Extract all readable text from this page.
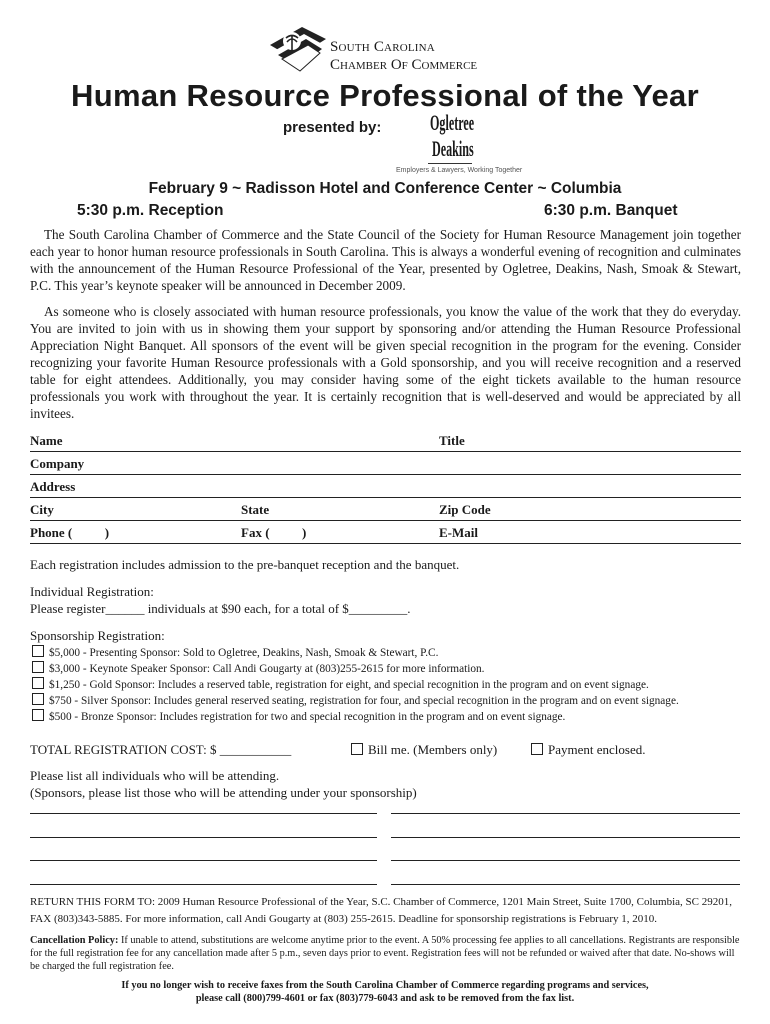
South Carolina
Chamber Of Commerce
Human Resource Professional of the Year
presented by: Ogletree
Deakins
Employers & Lawyers, Working Together
February 9 ~ Radisson Hotel and Conference Center ~ Columbia
5:30 p.m. Reception	6:30 p.m. Banquet
The South Carolina Chamber of Commerce and the State Council of the Society for Human Resource Management join together each year to honor human resource professionals in South Carolina. This is always a wonderful evening of recognition and culminates with the announcement of the Human Resource Professional of the Year, presented by Ogletree, Deakins, Nash, Smoak & Stewart, P.C. This year’s keynote speaker will be announced in December 2009.
As someone who is closely associated with human resource professionals, you know the value of the work that they do everyday. You are invited to join with us in showing them your support by sponsoring and/or attending the Human Resource Professional Appreciation Night Banquet. All sponsors of the event will be given special recognition in the program for the evening. Consider recognizing your favorite Human Resource professionals with a Gold sponsorship, and you will receive recognition and a reserved table for eight attendees. Additionally, you may consider having some of the eight tickets available to the human resource professionals you work with throughout the year. It is certainly recognition that is well-deserved and would be appreciated by all invitees.
Name	Title
Company
Address
City	State	Zip Code
Phone (          )	Fax (          )	E-Mail
Each registration includes admission to the pre-banquet reception and the banquet.
Individual Registration:
Please register______ individuals at $90 each, for a total of $_________.
Sponsorship Registration:
$5,000 - Presenting Sponsor: Sold to Ogletree, Deakins, Nash, Smoak & Stewart, P.C.
$3,000 - Keynote Speaker Sponsor: Call Andi Gougarty at (803)255-2615 for more information.
$1,250 - Gold Sponsor: Includes a reserved table, registration for eight, and special recognition in the program and on event signage.
$750 - Silver Sponsor: Includes general reserved seating, registration for four, and special recognition in the program and on event signage.
$500 - Bronze Sponsor: Includes registration for two and special recognition in the program and on event signage.
TOTAL REGISTRATION COST: $ ___________	Bill me. (Members only)	Payment enclosed.
Please list all individuals who will be attending.
(Sponsors, please list those who will be attending under your sponsorship)
RETURN THIS FORM TO: 2009 Human Resource Professional of the Year, S.C. Chamber of Commerce, 1201 Main Street, Suite 1700, Columbia, SC 29201, FAX (803)343-5885. For more information, call Andi Gougarty at (803) 255-2615. Deadline for sponsorship registrations is February 1, 2010.
Cancellation Policy: If unable to attend, substitutions are welcome anytime prior to the event. A 50% processing fee applies to all cancellations. Registrants are responsible for the full registration fee for any cancellation made after 5 p.m., seven days prior to event. Registration fees will not be refunded or waived after that date. No-shows will be charged the full registration fee.
If you no longer wish to receive faxes from the South Carolina Chamber of Commerce regarding programs and services,
please call (800)799-4601 or fax (803)779-6043 and ask to be removed from the fax list.
